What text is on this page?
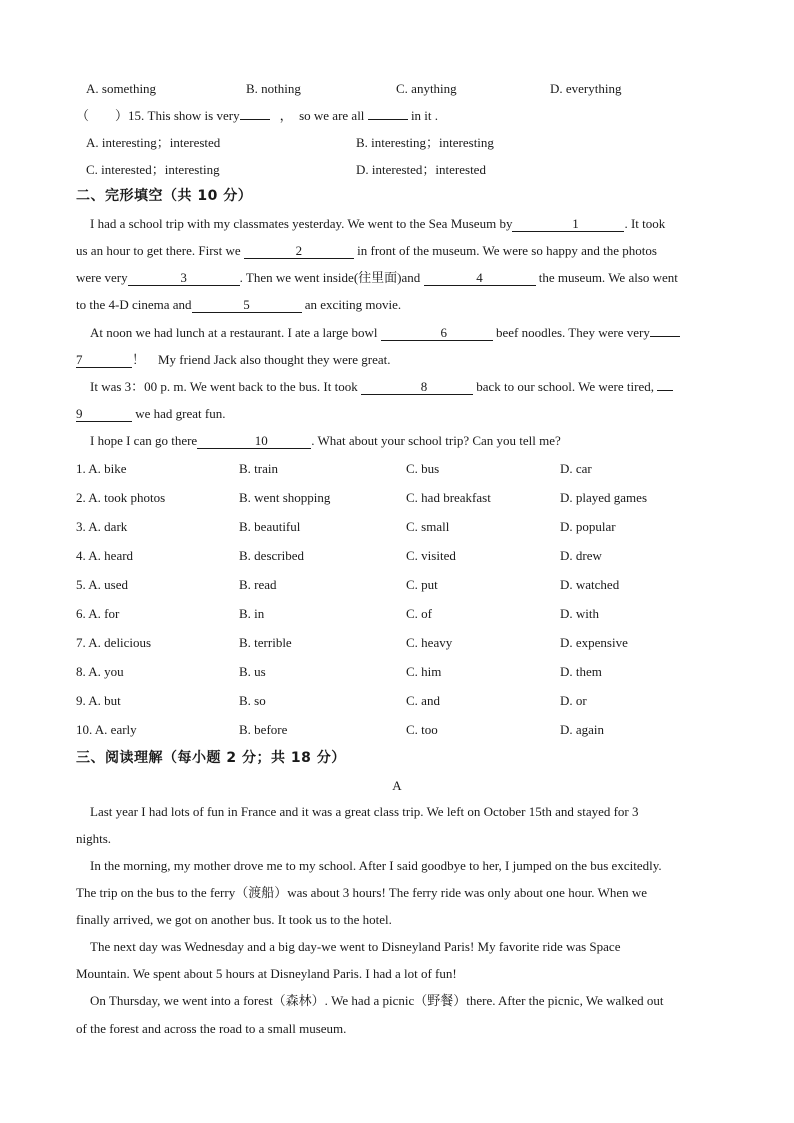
A. something	B. nothing	C. anything	D. everything
（　　）15. This show is very	，　so we are all	in it .
A. interesting；interested	B. interesting；interesting
C. interested；interesting	D. interested；interested
二、完形填空（共 10 分）
I had a school trip with my classmates yesterday. We went to the Sea Museum by	1	. It took
us an hour to get there. First we	2	in front of the museum. We were so happy and the photos
were very	3	. Then we went inside(往里面)and	4	the museum. We also went
to the 4-D cinema and	5	an exciting movie.
At noon we had lunch at a restaurant. I ate a large bowl	6	beef noodles. They were very
7	！　My friend Jack also thought they were great.
It was 3：00 p. m. We went back to the bus. It took	8	back to our school. We were tired,
9	we had great fun.
I hope I can go there	10	. What about your school trip? Can you tell me?
1. A. bike	B. train	C. bus	D. car
2. A. took photos	B. went shopping	C. had breakfast	D. played games
3. A. dark	B. beautiful	C. small	D. popular
4. A. heard	B. described	C. visited	D. drew
5. A. used	B. read	C. put	D. watched
6. A. for	B. in	C. of	D. with
7. A. delicious	B. terrible	C. heavy	D. expensive
8. A. you	B. us	C. him	D. them
9. A. but	B. so	C. and	D. or
10. A. early	B. before	C. too	D. again
三、阅读理解（每小题 2 分；共 18 分）
A
Last year I had lots of fun in France and it was a great class trip. We left on October 15th and stayed for 3
nights.
In the morning, my mother drove me to my school. After I said goodbye to her, I jumped on the bus excitedly.
The trip on the bus to the ferry（渡船）was about 3 hours! The ferry ride was only about one hour. When we
finally arrived, we got on another bus. It took us to the hotel.
The next day was Wednesday and a big day-we went to Disneyland Paris! My favorite ride was Space
Mountain. We spent about 5 hours at Disneyland Paris. I had a lot of fun!
On Thursday, we went into a forest（森林）. We had a picnic（野餐）there. After the picnic, We walked out
of the forest and across the road to a small museum.
